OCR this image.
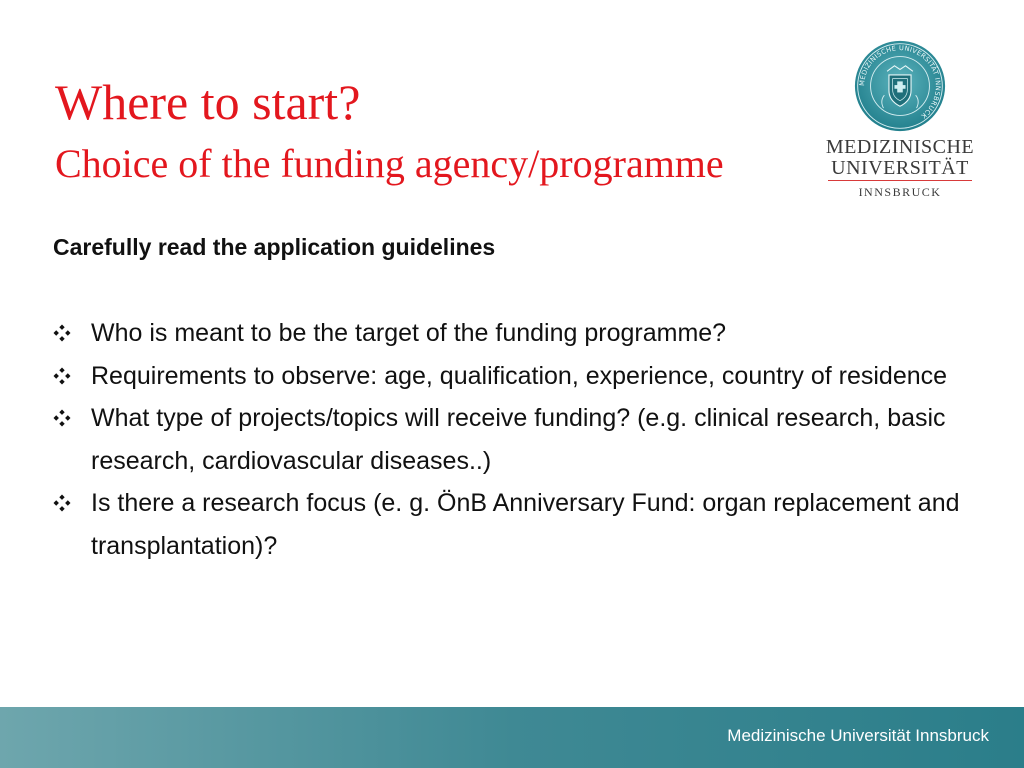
Where to start?
Choice of the funding agency/programme
MEDIZINISCHE UNIVERSITÄT INNSBRUCK
MEDIZINISCHE
UNIVERSITÄT
INNSBRUCK
Carefully read the application guidelines
Who is meant to be the target of the funding programme?
Requirements to observe: age, qualification, experience, country of residence
What type of projects/topics will receive funding? (e.g. clinical research, basic research, cardiovascular diseases..)
Is there a research focus (e. g. ÖnB Anniversary Fund: organ replacement and transplantation)?
Medizinische Universität Innsbruck
